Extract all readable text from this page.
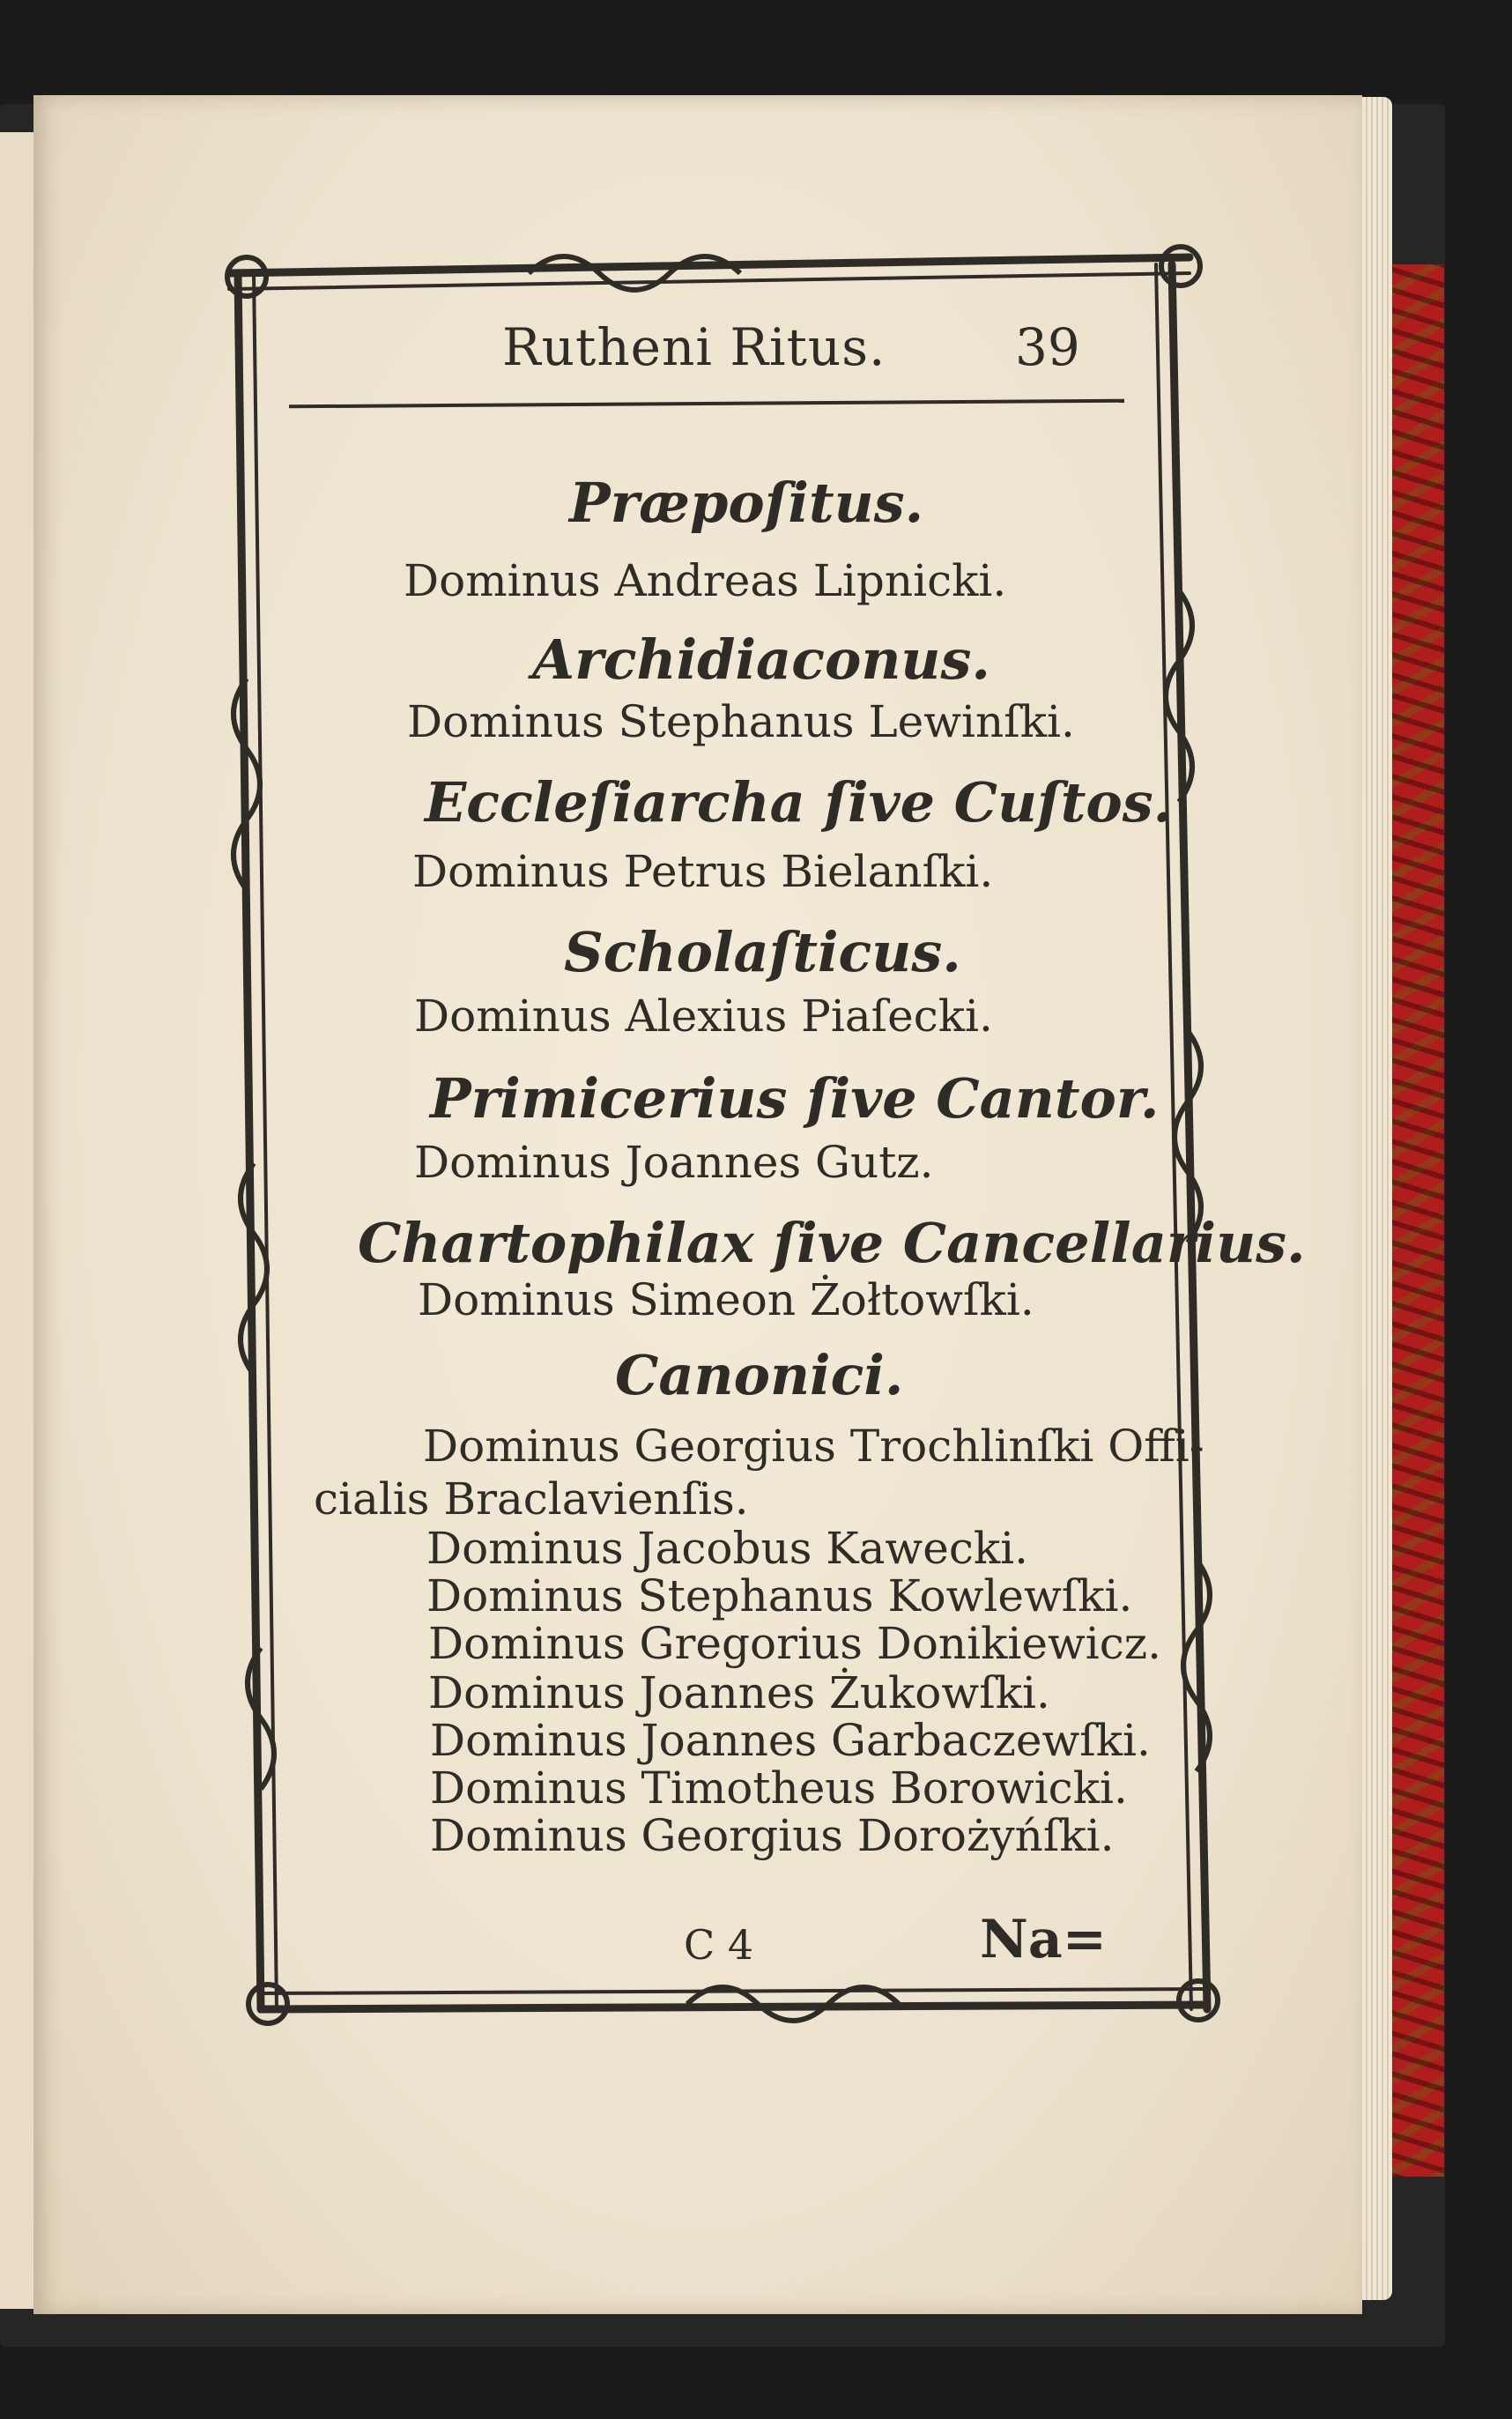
Rutheni Ritus.	39
Præpoſitus.
Dominus Andreas Lipnicki.
Archidiaconus.
Dominus Stephanus Lewinſki.
Eccleſiarcha ſive Cuſtos.
Dominus Petrus Bielanſki.
Scholaſticus.
Dominus Alexius Piaſecki.
Primicerius ſive Cantor.
Dominus Joannes Gutz.
Chartophilax ſive Cancellarius.
Dominus Simeon Żołtowſki.
Canonici.
Dominus Georgius Trochlinſki Offi-
cialis Braclavienſis.
Dominus Jacobus Kawecki.
Dominus Stephanus Kowlewſki.
Dominus Gregorius Donikiewicz.
Dominus Joannes Żukowſki.
Dominus Joannes Garbaczewſki.
Dominus Timotheus Borowicki.
Dominus Georgius Dorożyńſki.
C 4	Na=
